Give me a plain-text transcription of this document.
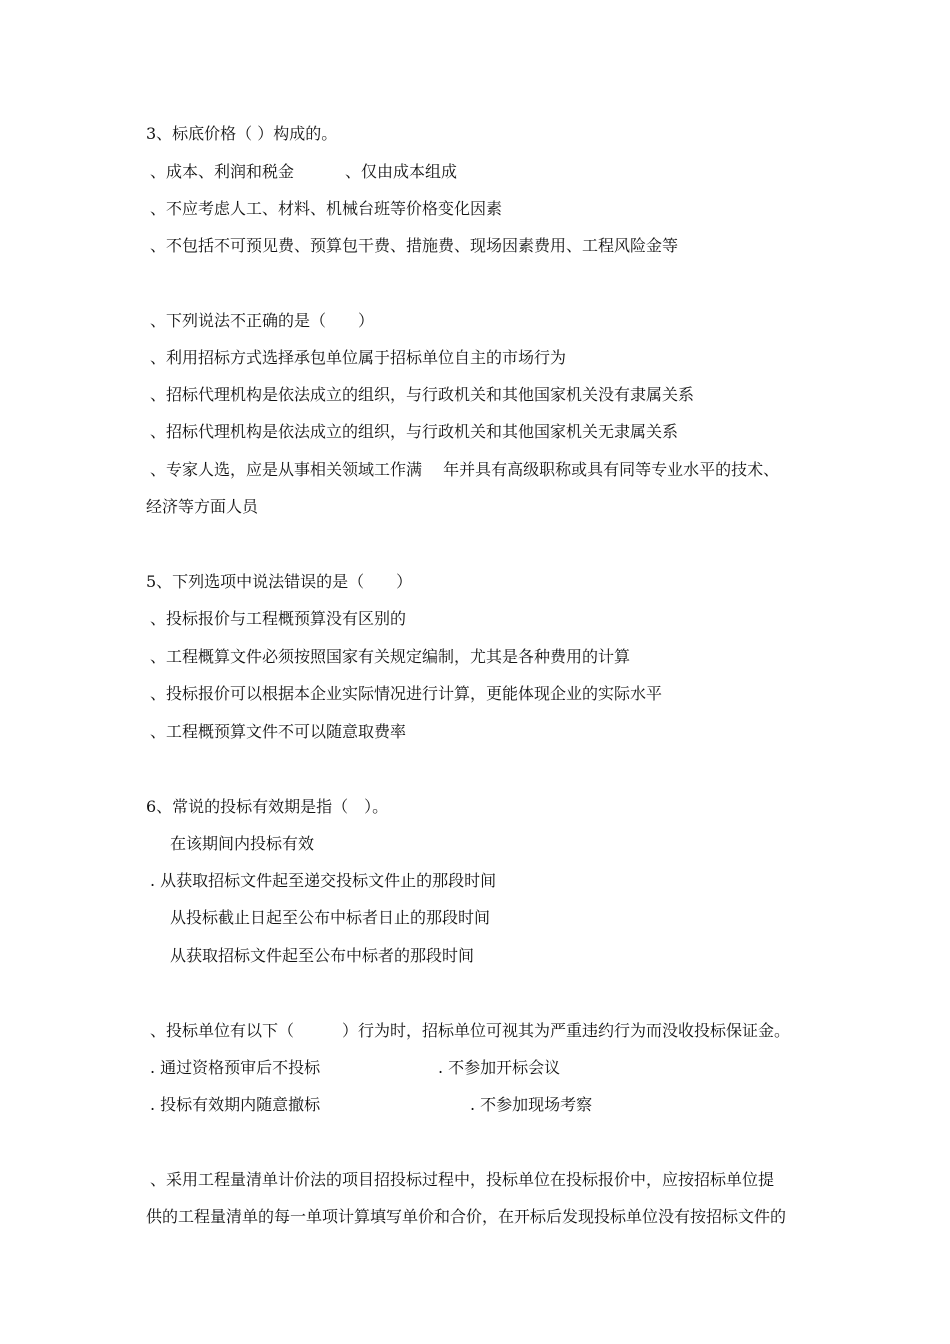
3、标底价格（ ）构成的。
、成本、利润和税金	、仅由成本组成
、不应考虑人工、材料、机械台班等价格变化因素
、不包括不可预见费、预算包干费、措施费、现场因素费用、工程风险金等
、下列说法不正确的是（　　）
、利用招标方式选择承包单位属于招标单位自主的市场行为
、招标代理机构是依法成立的组织，与行政机关和其他国家机关没有隶属关系
、招标代理机构是依法成立的组织，与行政机关和其他国家机关无隶属关系
、专家人选，应是从事相关领域工作满　 年并具有高级职称或具有同等专业水平的技术、
经济等方面人员
5、下列选项中说法错误的是（　　）
、投标报价与工程概预算没有区别的
、工程概算文件必须按照国家有关规定编制，尤其是各种费用的计算
、投标报价可以根据本企业实际情况进行计算，更能体现企业的实际水平
、工程概预算文件不可以随意取费率
6、常说的投标有效期是指（　）。
在该期间内投标有效
. 从获取招标文件起至递交投标文件止的那段时间
从投标截止日起至公布中标者日止的那段时间
从获取招标文件起至公布中标者的那段时间
、投标单位有以下（　　　）行为时，招标单位可视其为严重违约行为而没收投标保证金。
. 通过资格预审后不投标	. 不参加开标会议
. 投标有效期内随意撤标	. 不参加现场考察
、采用工程量清单计价法的项目招投标过程中，投标单位在投标报价中，应按招标单位提
供的工程量清单的每一单项计算填写单价和合价，在开标后发现投标单位没有按招标文件的
